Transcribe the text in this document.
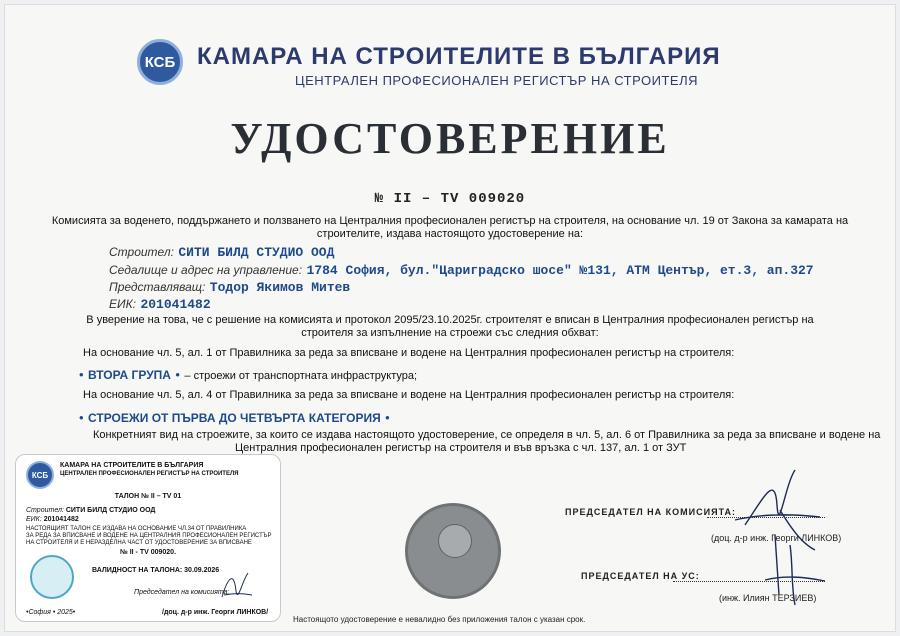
КСБ КАМАРА НА СТРОИТЕЛИТЕ В БЪЛГАРИЯ
ЦЕНТРАЛЕН ПРОФЕСИОНАЛЕН РЕГИСТЪР НА СТРОИТЕЛЯ
УДОСТОВЕРЕНИЕ
№ II – TV 009020
Комисията за воденето, поддържането и ползването на Централния професионален регистър на строителя, на основание чл. 19 от Закона за камарата на
строителите, издава настоящото удостоверение на:
Строител: СИТИ БИЛД СТУДИО ООД
Седалище и адрес на управление: 1784 София, бул."Цариградско шосе" №131, АТМ Център, ет.3, ап.327
Представляващ: Тодор Якимов Митев
ЕИК: 201041482
В уверение на това, че с решение на комисията и протокол 2095/23.10.2025г. строителят е вписан в Централния професионален регистър на
строителя за изпълнение на строежи със следния обхват:
На основание чл. 5, ал. 1 от Правилника за реда за вписване и водене на Централния професионален регистър на строителя:
• ВТОРА ГРУПА • – строежи от транспортната инфраструктура;
На основание чл. 5, ал. 4 от Правилника за реда за вписване и водене на Централния професионален регистър на строителя:
• СТРОЕЖИ ОТ ПЪРВА ДО ЧЕТВЪРТА КАТЕГОРИЯ •
Конкретният вид на строежите, за които се издава настоящото удостоверение, се определя в чл. 5, ал. 6 от Правилника за реда за вписване и водене на
Централния професионален регистър на строителя и във връзка с чл. 137, ал. 1 от ЗУТ
ПРЕДСЕДАТЕЛ НА КОМИСИЯТА:
(доц. д-р инж. Георги ЛИНКОВ)
ПРЕДСЕДАТЕЛ НА УС:
(инж. Илиян ТЕРЗИЕВ)
Настоящото удостоверение е невалидно без приложения талон с указан срок.
КСБ
КАМАРА НА СТРОИТЕЛИТЕ В БЪЛГАРИЯ
ЦЕНТРАЛЕН ПРОФЕСИОНАЛЕН РЕГИСТЪР НА СТРОИТЕЛЯ
ТАЛОН № II – TV 01
Строител: СИТИ БИЛД СТУДИО ООД
ЕИК: 201041482
НАСТОЯЩИЯТ ТАЛОН СЕ ИЗДАВА НА ОСНОВАНИЕ ЧЛ.34 ОТ ПРАВИЛНИКА
ЗА РЕДА ЗА ВПИСВАНЕ И ВОДЕНЕ НА ЦЕНТРАЛНИЯ ПРОФЕСИОНАЛЕН РЕГИСТЪР
НА СТРОИТЕЛЯ И Е НЕРАЗДЕЛНА ЧАСТ ОТ УДОСТОВЕРЕНИЕ ЗА ВПИСВАНЕ
№ II - TV 009020.
ВАЛИДНОСТ НА ТАЛОНА: 30.09.2026
Председател на комисията:
•София • 2025•	/доц. д-р инж. Георги ЛИНКОВ/
